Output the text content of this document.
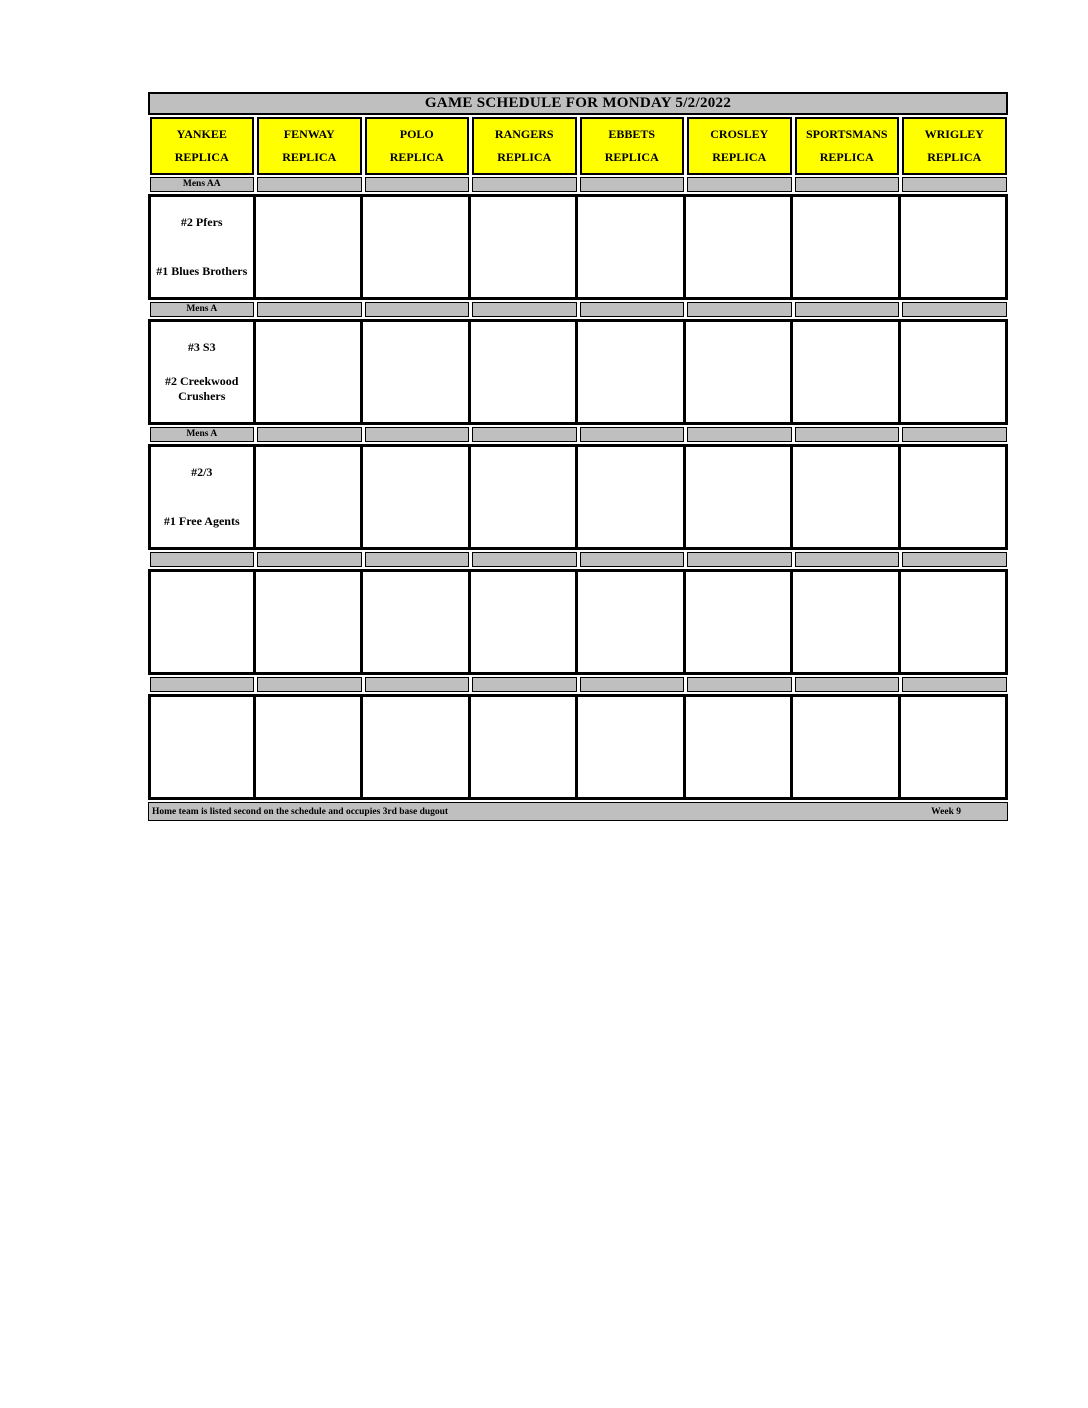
GAME SCHEDULE FOR MONDAY 5/2/2022
YANKEE
REPLICA
FENWAY
REPLICA
POLO
REPLICA
RANGERS
REPLICA
EBBETS
REPLICA
CROSLEY
REPLICA
SPORTSMANS
REPLICA
WRIGLEY
REPLICA
Mens AA
#2 Pfers
#1 Blues Brothers
Mens A
#3 S3
#2 Creekwood Crushers
Mens A
#2/3
#1 Free Agents
Home team is listed second on the schedule and occupies 3rd base dugout	Week 9
